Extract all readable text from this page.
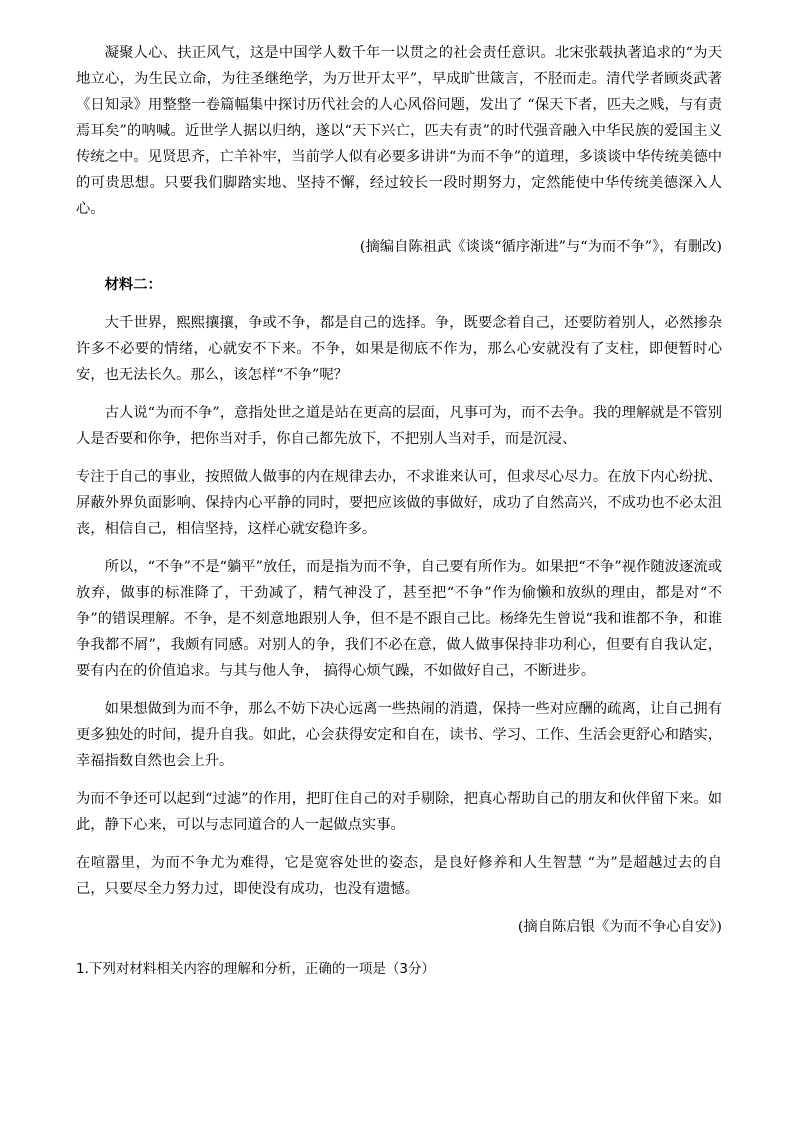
凝聚人心、扶正风气，这是中国学人数千年一以贯之的社会责任意识。北宋张载执著追求的“为天地立心，为生民立命，为往圣继绝学，为万世开太平”，早成旷世箴言，不胫而走。清代学者顾炎武著《日知录》用整整一卷篇幅集中探讨历代社会的人心风俗问题，发出了 “保天下者，匹夫之贱，与有责焉耳矣”的呐喊。近世学人据以归纳，遂以“天下兴亡，匹夫有责”的时代强音融入中华民族的爱国主义传统之中。见贤思齐，亡羊补牢，当前学人似有必要多讲讲“为而不争”的道理，多谈谈中华传统美德中的可贵思想。只要我们脚踏实地、坚持不懈，经过较长一段时期努力，定然能使中华传统美德深入人心。

(摘编自陈祖武《谈谈“循序渐进”与“为而不争”》，有删改)

材料二：

大千世界，熙熙攘攘，争或不争，都是自己的选择。争，既要念着自己，还要防着别人，必然掺杂许多不必要的情绪，心就安不下来。不争，如果是彻底不作为，那么心安就没有了支柱，即便暂时心安，也无法长久。那么，该怎样“不争”呢？

古人说“为而不争”，意指处世之道是站在更高的层面，凡事可为，而不去争。我的理解就是不管别人是否要和你争，把你当对手，你自己都先放下，不把别人当对手，而是沉浸、

专注于自己的事业，按照做人做事的内在规律去办，不求谁来认可，但求尽心尽力。在放下内心纷扰、屏蔽外界负面影响、保持内心平静的同时，要把应该做的事做好，成功了自然高兴，不成功也不必太沮丧，相信自己，相信坚持，这样心就安稳许多。

所以，“不争”不是“躺平”放任，而是指为而不争，自己要有所作为。如果把“不争”视作随波逐流或放弃，做事的标准降了，干劲减了，精气神没了，甚至把“不争”作为偷懒和放纵的理由，都是对“不争”的错误理解。不争，是不刻意地跟别人争，但不是不跟自己比。杨绛先生曾说“我和谁都不争，和谁争我都不屑”，我颇有同感。对别人的争，我们不必在意，做人做事保持非功利心，但要有自我认定，要有内在的价值追求。与其与他人争， 搞得心烦气躁，不如做好自己，不断进步。

如果想做到为而不争，那么不妨下决心远离一些热闹的消遣，保持一些对应酬的疏离，让自己拥有更多独处的时间，提升自我。如此，心会获得安定和自在，读书、学习、工作、生活会更舒心和踏实，幸福指数自然也会上升。

为而不争还可以起到“过滤”的作用，把盯住自己的对手剔除，把真心帮助自己的朋友和伙伴留下来。如此，静下心来，可以与志同道合的人一起做点实事。

在喧嚣里，为而不争尤为难得，它是宽容处世的姿态，是良好修养和人生智慧 “为”是超越过去的自己，只要尽全力努力过，即使没有成功，也没有遗憾。

(摘自陈启银《为而不争心自安》)

1.下列对材料相关内容的理解和分析，正确的一项是（3分）
